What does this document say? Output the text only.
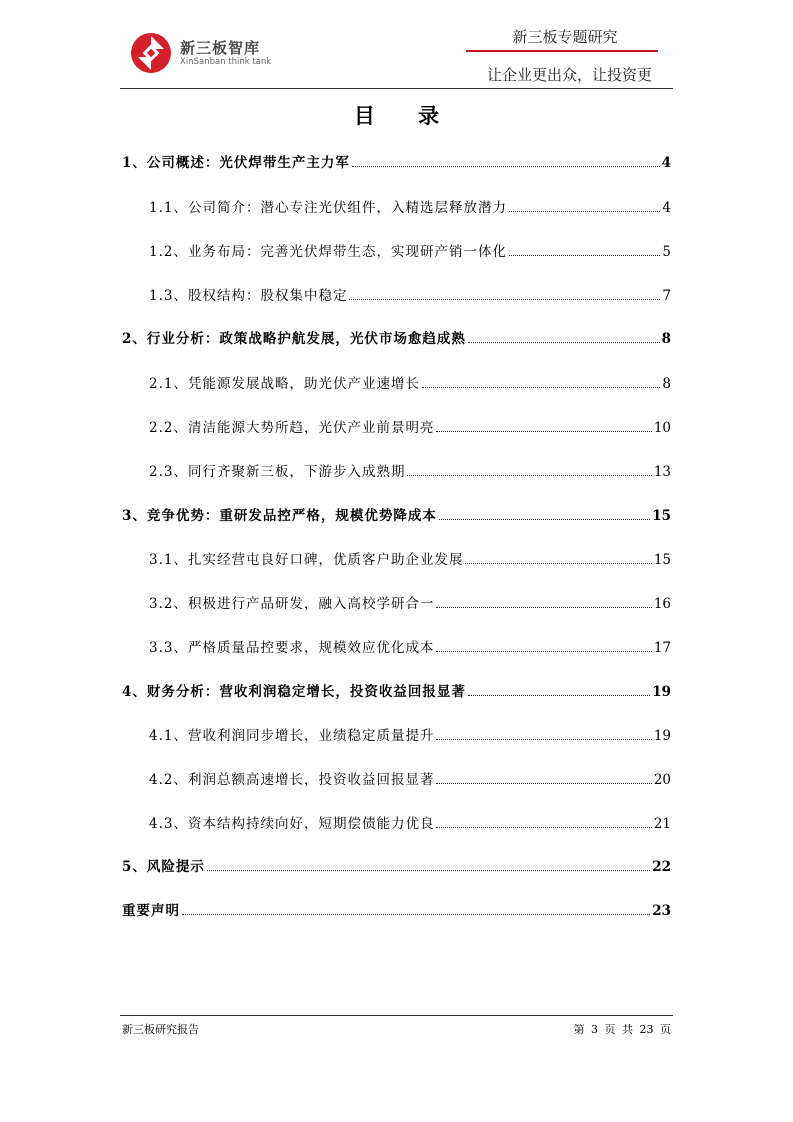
新三板智库
XinSanban think tank
新三板专题研究
让企业更出众，让投资更
目 录
1、公司概述：光伏焊带生产主力军	4
1.1、公司简介：潜心专注光伏组件，入精选层释放潜力	4
1.2、业务布局：完善光伏焊带生态，实现研产销一体化	5
1.3、股权结构：股权集中稳定	7
2、行业分析：政策战略护航发展，光伏市场愈趋成熟	8
2.1、凭能源发展战略，助光伏产业速增长	8
2.2、清洁能源大势所趋，光伏产业前景明亮	10
2.3、同行齐聚新三板，下游步入成熟期	13
3、竞争优势：重研发品控严格，规模优势降成本	15
3.1、扎实经营屯良好口碑，优质客户助企业发展	15
3.2、积极进行产品研发，融入高校学研合一	16
3.3、严格质量品控要求，规模效应优化成本	17
4、财务分析：营收利润稳定增长，投资收益回报显著	19
4.1、营收利润同步增长，业绩稳定质量提升	19
4.2、利润总额高速增长，投资收益回报显著	20
4.3、资本结构持续向好，短期偿债能力优良	21
5、风险提示	22
重要声明	23
新三板研究报告	第 3 页 共 23 页
